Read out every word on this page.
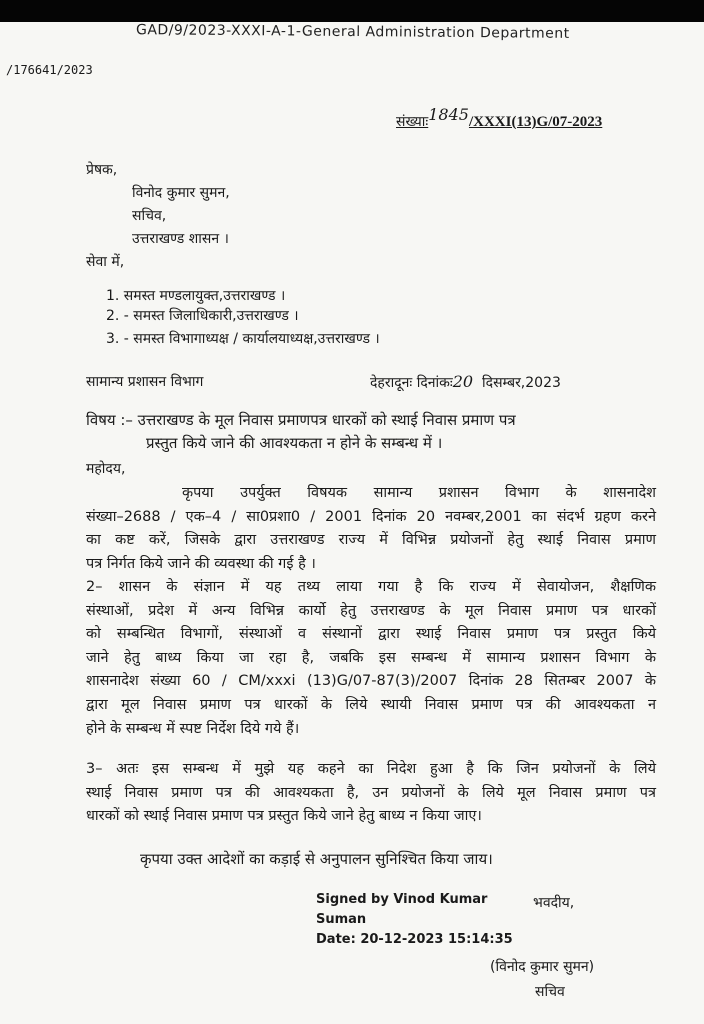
GAD/9/2023-XXXI-A-1-General Administration Department
/176641/2023
संख्याः1845/XXXI(13)G/07-2023
प्रेषक,
विनोद कुमार सुमन,
सचिव,
उत्तराखण्ड शासन ।
सेवा में,
1. समस्त मण्डलायुक्त,उत्तराखण्ड ।
2. - समस्त जिलाधिकारी,उत्तराखण्ड ।
3. - समस्त विभागाध्यक्ष / कार्यालयाध्यक्ष,उत्तराखण्ड ।
सामान्य प्रशासन विभाग	देहरादूनः दिनांकः20 दिसम्बर,2023
विषय :– उत्तराखण्ड के मूल निवास प्रमाणपत्र धारकों को स्थाई निवास प्रमाण पत्र
प्रस्तुत किये जाने की आवश्यकता न होने के सम्बन्ध में ।
महोदय,
कृपया उपर्युक्त विषयक सामान्य प्रशासन विभाग के शासनादेश
संख्या–2688 / एक–4 / सा0प्रशा0 / 2001 दिनांक 20 नवम्बर,2001 का संदर्भ ग्रहण करने
का कष्ट करें, जिसके द्वारा उत्तराखण्ड राज्य में विभिन्न प्रयोजनों हेतु स्थाई निवास प्रमाण
पत्र निर्गत किये जाने की व्यवस्था की गई है ।
2– शासन के संज्ञान में यह तथ्य लाया गया है कि राज्य में सेवायोजन, शैक्षणिक
संस्थाओं, प्रदेश में अन्य विभिन्न कार्यो हेतु उत्तराखण्ड के मूल निवास प्रमाण पत्र धारकों
को सम्बन्धित विभागों, संस्थाओं व संस्थानों द्वारा स्थाई निवास प्रमाण पत्र प्रस्तुत किये
जाने हेतु बाध्य किया जा रहा है, जबकि इस सम्बन्ध में सामान्य प्रशासन विभाग के
शासनादेश संख्या 60 / CM/xxxi (13)G/07-87(3)/2007 दिनांक 28 सितम्बर 2007 के
द्वारा मूल निवास प्रमाण पत्र धारकों के लिये स्थायी निवास प्रमाण पत्र की आवश्यकता न
होने के सम्बन्ध में स्पष्ट निर्देश दिये गये हैं।
3– अतः इस सम्बन्ध में मुझे यह कहने का निदेश हुआ है कि जिन प्रयोजनों के लिये
स्थाई निवास प्रमाण पत्र की आवश्यकता है, उन प्रयोजनों के लिये मूल निवास प्रमाण पत्र
धारकों को स्थाई निवास प्रमाण पत्र प्रस्तुत किये जाने हेतु बाध्य न किया जाए।
कृपया उक्त आदेशों का कड़ाई से अनुपालन सुनिश्चित किया जाय।
Signed by Vinod Kumar
Suman
Date: 20-12-2023 15:14:35
भवदीय,
(विनोद कुमार सुमन)
सचिव
